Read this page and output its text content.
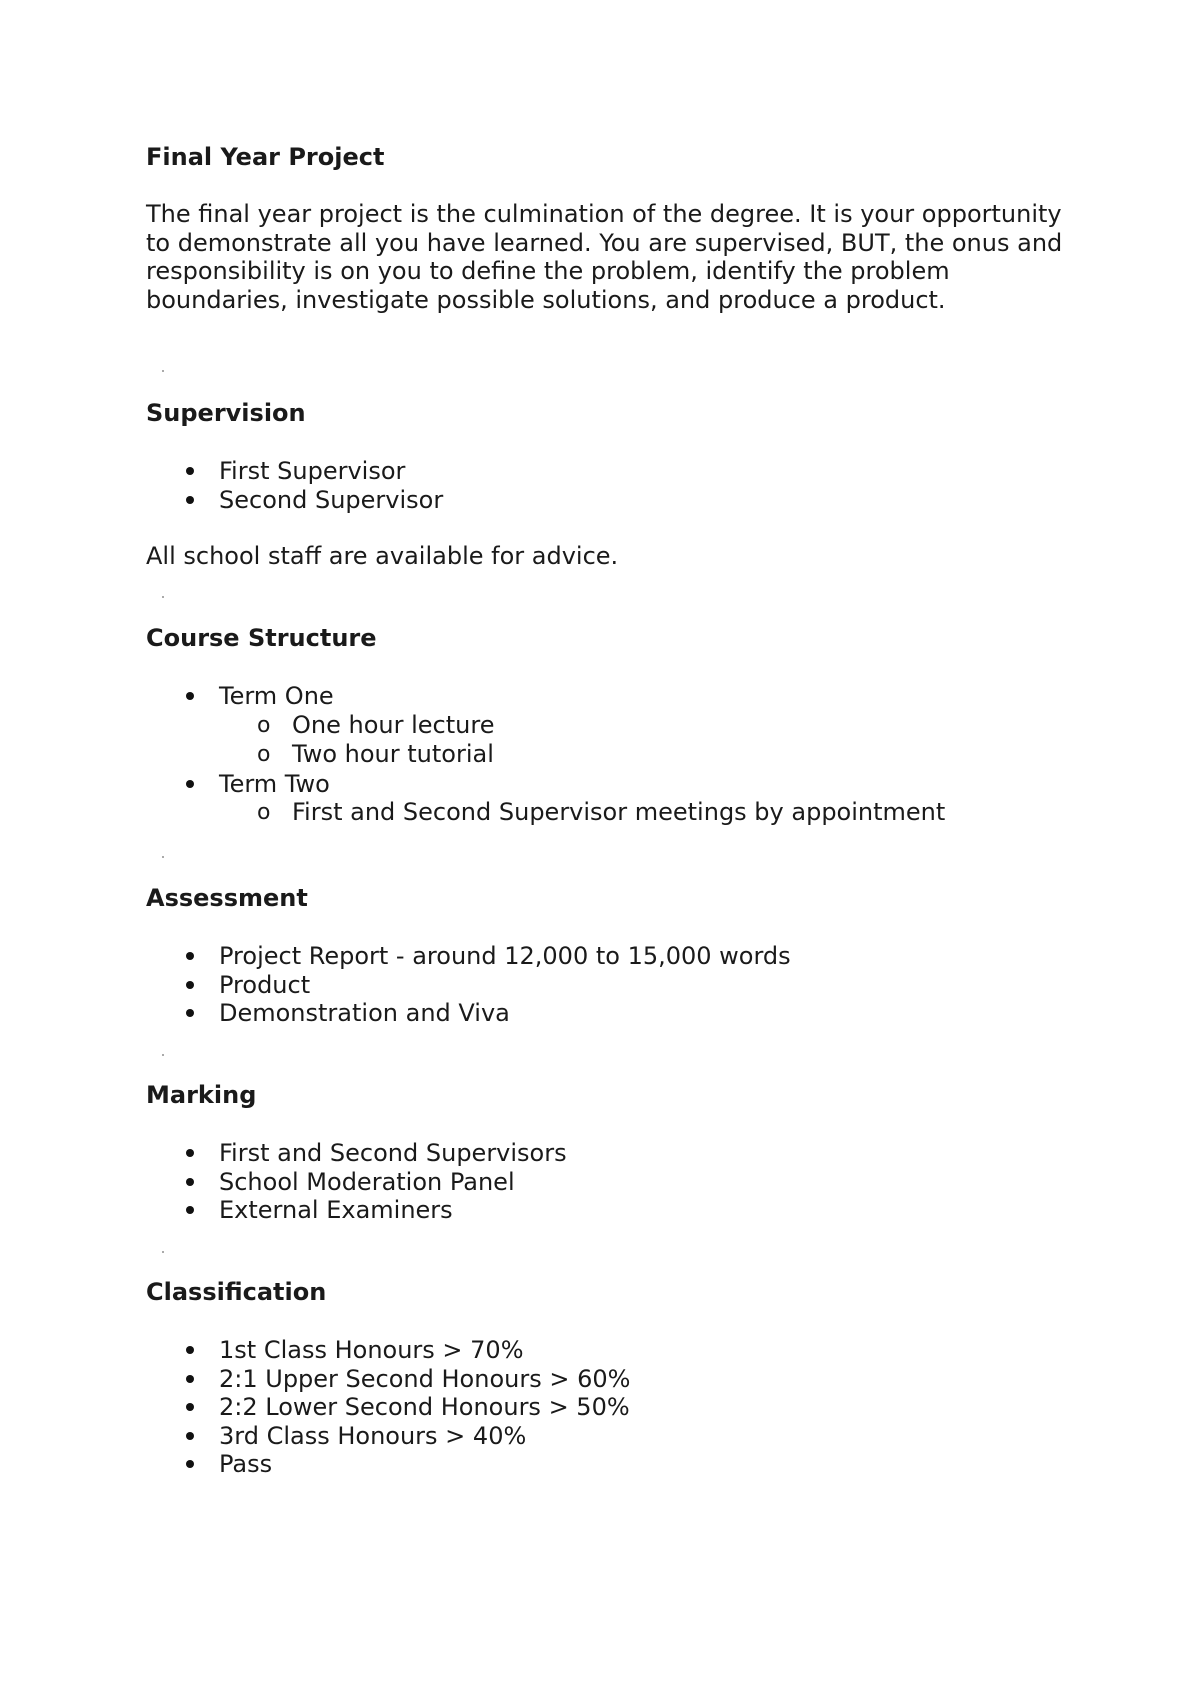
Final Year Project

The final year project is the culmination of the degree. It is your opportunity to demonstrate all you have learned. You are supervised, BUT, the onus and responsibility is on you to define the problem, identify the problem boundaries, investigate possible solutions, and produce a product.

Supervision
First Supervisor
Second Supervisor

All school staff are available for advice.

Course Structure
Term One
o One hour lecture
o Two hour tutorial
Term Two
o First and Second Supervisor meetings by appointment
Assessment
Project Report - around 12,000 to 15,000 words
Product
Demonstration and Viva
Marking
First and Second Supervisors
School Moderation Panel
External Examiners
Classification
1st Class Honours > 70%
2:1 Upper Second Honours > 60%
2:2 Lower Second Honours > 50%
3rd Class Honours > 40%
Pass
